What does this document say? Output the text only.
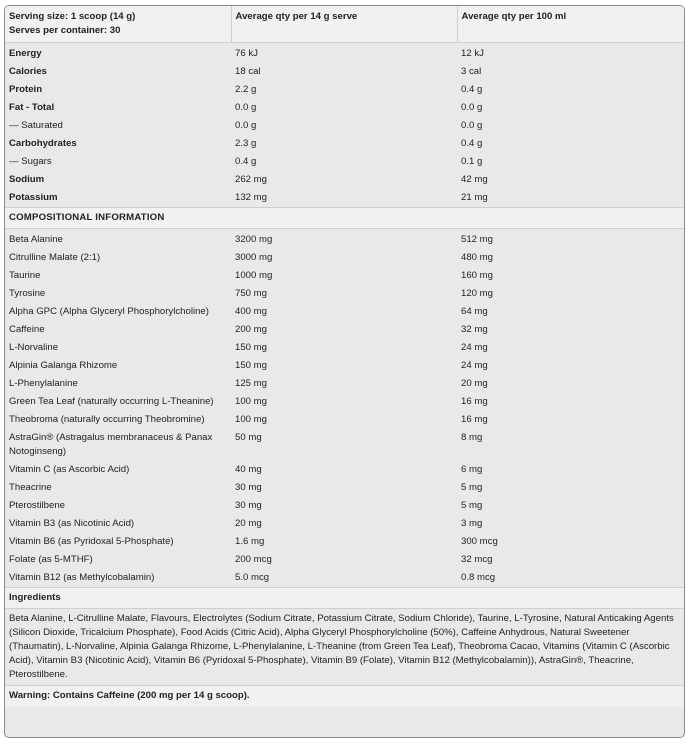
Serving size: 1 scoop (14 g)
Serves per container: 30	Average qty per 14 g serve	Average qty per 100 ml
Energy	76 kJ	12 kJ
Calories	18 cal	3 cal
Protein	2.2 g	0.4 g
Fat - Total	0.0 g	0.0 g
— Saturated	0.0 g	0.0 g
Carbohydrates	2.3 g	0.4 g
— Sugars	0.4 g	0.1 g
Sodium	262 mg	42 mg
Potassium	132 mg	21 mg
COMPOSITIONAL INFORMATION		
Beta Alanine	3200 mg	512 mg
Citrulline Malate (2:1)	3000 mg	480 mg
Taurine	1000 mg	160 mg
Tyrosine	750 mg	120 mg
Alpha GPC (Alpha Glyceryl Phosphorylcholine)	400 mg	64 mg
Caffeine	200 mg	32 mg
L-Norvaline	150 mg	24 mg
Alpinia Galanga Rhizome	150 mg	24 mg
L-Phenylalanine	125 mg	20 mg
Green Tea Leaf (naturally occurring L-Theanine)	100 mg	16 mg
Theobroma (naturally occurring Theobromine)	100 mg	16 mg
AstraGin® (Astragalus membranaceus & Panax Notoginseng)	50 mg	8 mg
Vitamin C (as Ascorbic Acid)	40 mg	6 mg
Theacrine	30 mg	5 mg
Pterostilbene	30 mg	5 mg
Vitamin B3 (as Nicotinic Acid)	20 mg	3 mg
Vitamin B6 (as Pyridoxal 5-Phosphate)	1.6 mg	300 mcg
Folate (as 5-MTHF)	200 mcg	32 mcg
Vitamin B12 (as Methylcobalamin)	5.0 mcg	0.8 mcg
Ingredients
Beta Alanine, L-Citrulline Malate, Flavours, Electrolytes (Sodium Citrate, Potassium Citrate, Sodium Chloride), Taurine, L-Tyrosine, Natural Anticaking Agents (Silicon Dioxide, Tricalcium Phosphate), Food Acids (Citric Acid), Alpha Glyceryl Phosphorylcholine (50%), Caffeine Anhydrous, Natural Sweetener (Thaumatin), L-Norvaline, Alpinia Galanga Rhizome, L-Phenylalanine, L-Theanine (from Green Tea Leaf), Theobroma Cacao, Vitamins (Vitamin C (Ascorbic Acid), Vitamin B3 (Nicotinic Acid), Vitamin B6 (Pyridoxal 5-Phosphate), Vitamin B9 (Folate), Vitamin B12 (Methylcobalamin)), AstraGin®, Theacrine, Pterostilbene.
Warning: Contains Caffeine (200 mg per 14 g scoop).
